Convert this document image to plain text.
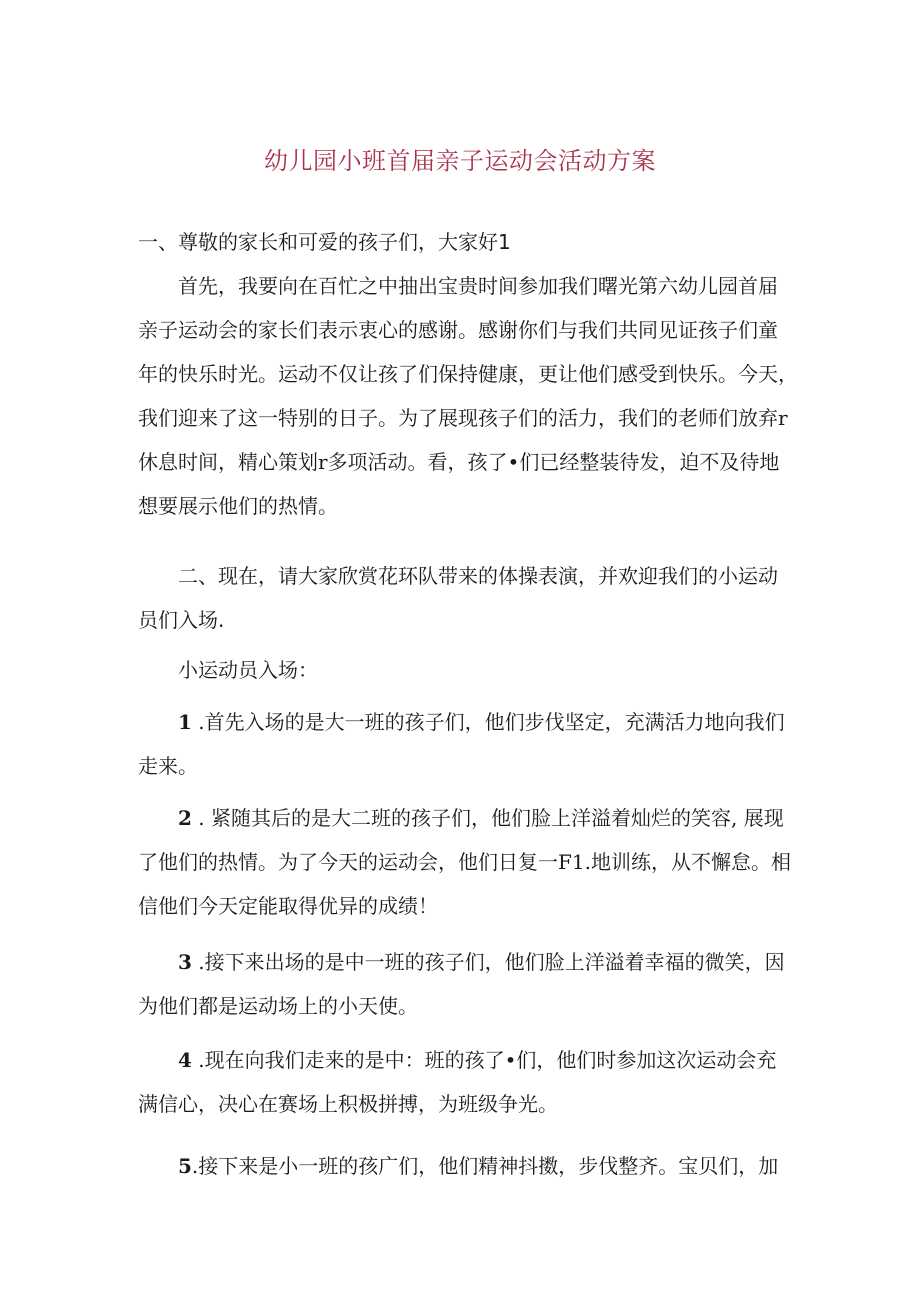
幼儿园小班首届亲子运动会活动方案
一、尊敬的家长和可爱的孩子们，大家好1
首先，我要向在百忙之中抽出宝贵时间参加我们曙光第六幼儿园首届
亲子运动会的家长们表示衷心的感谢。感谢你们与我们共同见证孩子们童
年的快乐时光。运动不仅让孩了们保持健康，更让他们感受到快乐。今天，
我们迎来了这一特别的日子。为了展现孩子们的活力，我们的老师们放弃r
休息时间，精心策划r多项活动。看，孩了•们已经整装待发，迫不及待地
想要展示他们的热情。
二、现在，请大家欣赏花环队带来的体操表演，并欢迎我们的小运动
员们入场.
小运动员入场：
1 .首先入场的是大一班的孩子们，他们步伐坚定，充满活力地向我们
走来。
2 . 紧随其后的是大二班的孩子们，他们脸上洋溢着灿烂的笑容, 展现
了他们的热情。为了今天的运动会，他们日复一F1.地训练，从不懈怠。相
信他们今天定能取得优异的成绩！
3 .接下来出场的是中一班的孩子们，他们脸上洋溢着幸福的微笑，因
为他们都是运动场上的小天使。
4 .现在向我们走来的是中：班的孩了•们，他们时参加这次运动会充
满信心，决心在赛场上积极拼搏，为班级争光。
5.接下来是小一班的孩广们，他们精神抖擞，步伐整齐。宝贝们，加
